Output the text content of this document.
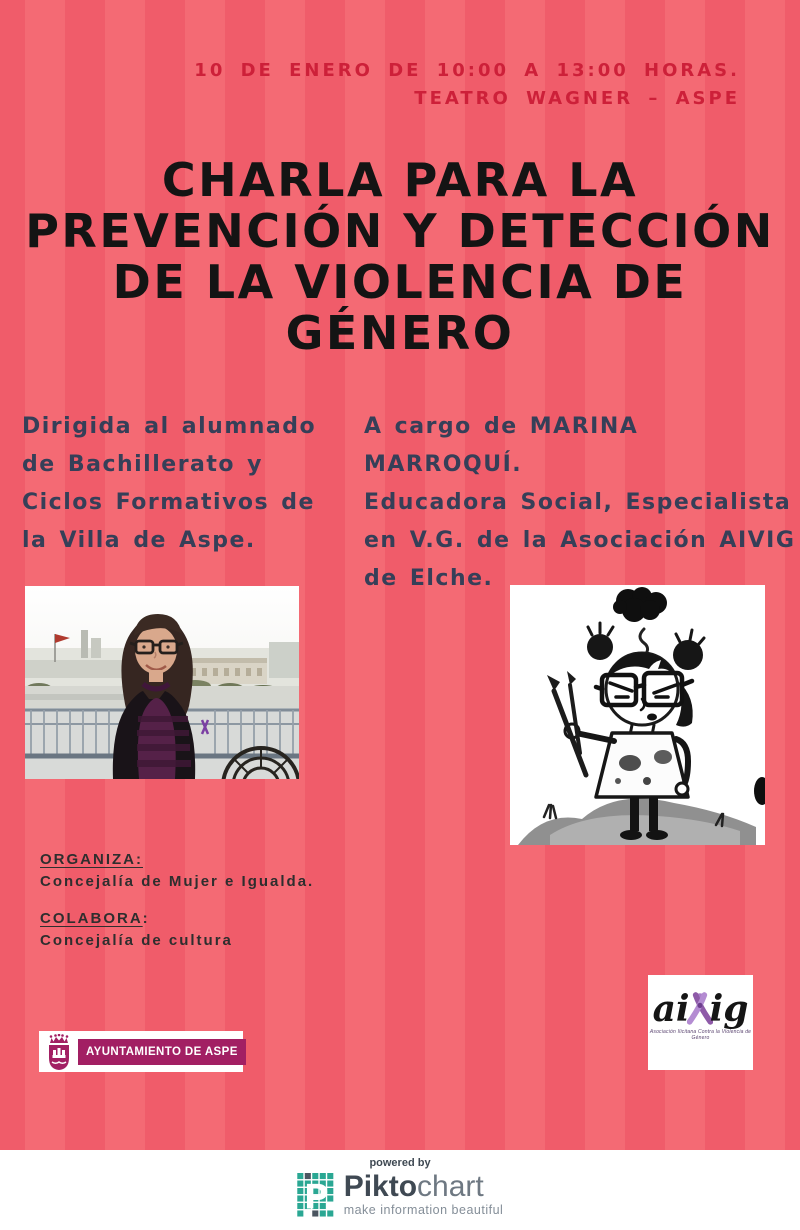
10 DE ENERO DE 10:00 A 13:00 HORAS.
TEATRO WAGNER – ASPE
CHARLA PARA LA
PREVENCIÓN Y DETECCIÓN
DE LA VIOLENCIA DE
GÉNERO
Dirigida al alumnado
de Bachillerato y
Ciclos Formativos de
la Villa de Aspe.
A cargo de MARINA MARROQUÍ.
Educadora Social, Especialista
en V.G. de la Asociación AIVIG
de Elche.
ORGANIZA:
Concejalía de Mujer e Igualda.
COLABORA:
Concejalía de cultura
AYUNTAMIENTO DE ASPE
ai ig
Asociación Ilicitana Contra la Violencia de Género
powered by
P Piktochart
make information beautiful
